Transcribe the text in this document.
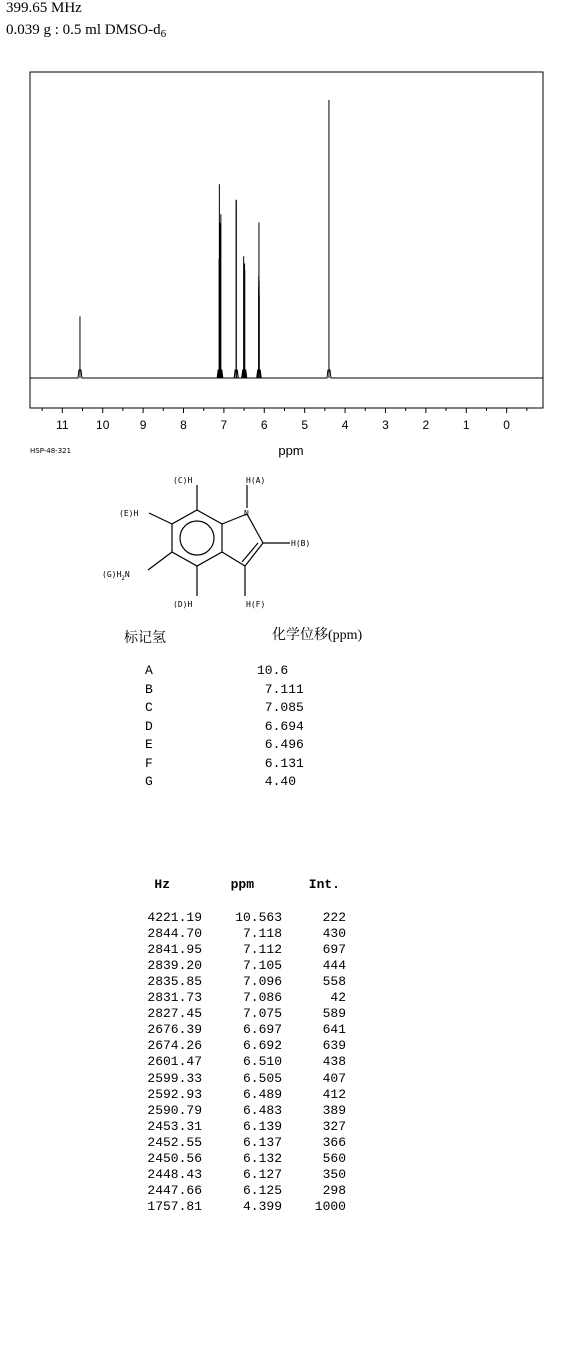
399.65 MHz
0.039 g : 0.5 ml DMSO-$d_6$
11 10	9	8	7	6	5	4	3	2	1	0
ppm
HSP-48-321
(C)H	H(A)
(E)H	N
H(B)
$(G)H_2N$
(D)H	H(F)
标记氢	化学位移(ppm)
A	10.6
B	7.111
C	7.085
D	6.694
E	6.496
F	6.131
G	4.40
Hz	ppm	Int.
4221.19	10.563	222
2844.70	7.118	430
2841.95	7.112	697
2839.20	7.105	444
2835.85	7.096	558
2831.73	7.086	42
2827.45	7.075	589
2676.39	6.697	641
2674.26	6.692	639
2601.47	6.510	438
2599.33	6.505	407
2592.93	6.489	412
2590.79	6.483	389
2453.31	6.139	327
2452.55	6.137	366
2450.56	6.132	560
2448.43	6.127	350
2447.66	6.125	298
1757.81	4.399	1000
